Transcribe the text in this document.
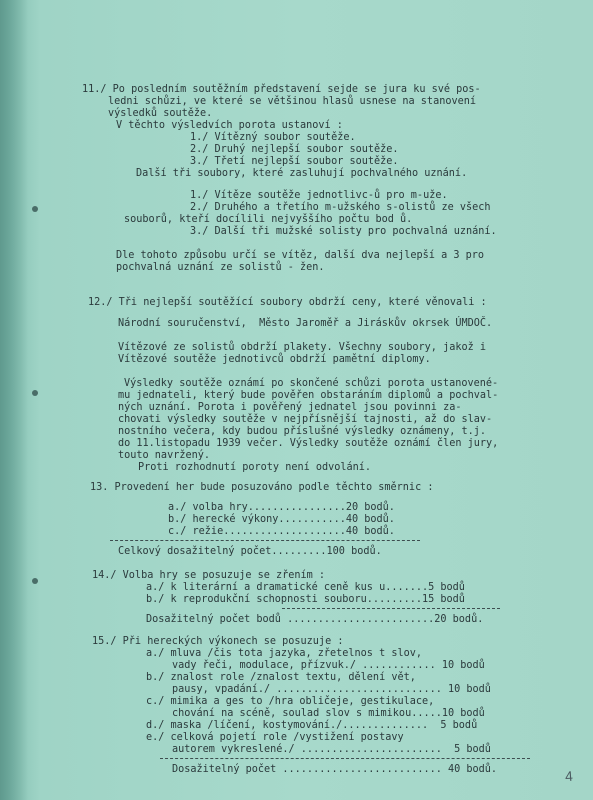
11./ Po posledním soutěžním představení sejde se jura ku své pos-
ledni schůzi, ve které se většinou hlasů usnese na stanovení
výsledků soutěže.
V těchto výsledvích porota ustanoví :
1./ Vítězný soubor soutěže.
2./ Druhý nejlepší soubor soutěže.
3./ Třetí nejlepší soubor soutěže.
Další tři soubory, které zasluhují pochvalného uznání.
1./ Vítěze soutěže jednotlivc-ů pro m-uže.
2./ Druhého a třetího m-užského s-olistů ze všech
souborů, kteří docílili nejvyššího počtu bod ů.
3./ Další tři mužské solisty pro pochvalná uznání.
Dle tohoto způsobu určí se vítěz, další dva nejlepší a 3 pro
pochvalná uznání ze solistů - žen.
12./ Tři nejlepší soutěžící soubory obdrží ceny, které věnovali :
Národní souručenství,  Město Jaroměř a Jiráskův okrsek ÚMDOČ.
Vítězové ze solistů obdrží plakety. Všechny soubory, jakož i
Vítězové soutěže jednotivců obdrží pamětní diplomy.
Výsledky soutěže oznámí po skončené schůzi porota ustanovené-
mu jednateli, který bude pověřen obstaráním diplomů a pochval-
ných uznání. Porota i pověřený jednatel jsou povinni za-
chovati výsledky soutěže v nejpřísnější tajnosti, až do slav-
nostního večera, kdy budou příslušné výsledky oznámeny, t.j.
do 11.listopadu 1939 večer. Výsledky soutěže oznámí člen jury,
touto navržený.
Proti rozhodnutí poroty není odvolání.
13. Provedení her bude posuzováno podle těchto směrnic :
a./ volba hry................20 bodů.
b./ herecké výkony...........40 bodů.
c./ režie....................40 bodů.
Celkový dosažitelný počet.........100 bodů.
14./ Volba hry se posuzuje se zřením :
a./ k literární a dramatické ceně kus u.......5 bodů
b./ k reprodukční schopnosti souboru.........15 bodů
Dosažitelný počet bodů ........................20 bodů.
15./ Při hereckých výkonech se posuzuje :
a./ mluva /čis tota jazyka, zřetelnos t slov,
vady řeči, modulace, přízvuk./ ............ 10 bodů
b./ znalost role /znalost textu, dělení vět,
pausy, vpadání./ ........................... 10 bodů
c./ mimika a ges to /hra obličeje, gestikulace,
chování na scéně, soulad slov s mimikou.....10 bodů
d./ maska /líčení, kostymování./..............  5 bodů
e./ celková pojetí role /vystižení postavy
autorem vykreslené./ .......................  5 bodů
Dosažitelný počet .......................... 40 bodů.	4
